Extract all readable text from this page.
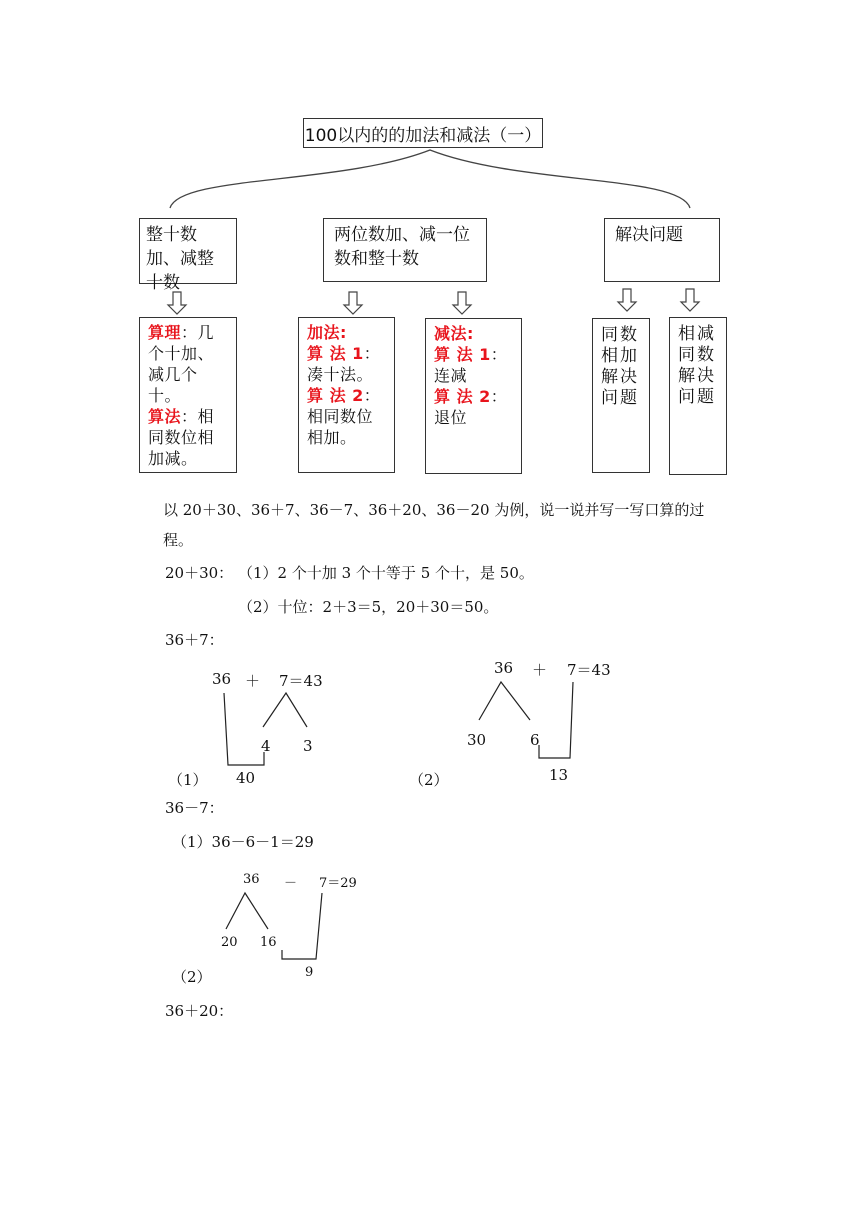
100以内的的加法和减法（一）
整十数加、减整十数
两位数加、减一位数和整十数
解决问题
算理：几个十加、减几个十。
算法：相同数位相加减。
加法:
算 法 1：凑十法。
算 法 2：相同数位相加。
减法:
算 法 1：连减
算 法 2：退位
同数相加解决问题
相减同数解决问题
以 20＋30、36＋7、36－7、36＋20、36－20 为例，说一说并写一写口算的过程。
20＋30： （1）2 个十加 3 个十等于 5 个十，是 50。
（2）十位：2＋3＝5，20＋30＝50。
36＋7：
36 ＋ 7＝43
4 3
40
（1）
36 ＋ 7＝43
30	6
13
（2）
36－7：
（1）36－6－1＝29
36 － 7＝29
20 16
9
（2）
36＋20：
